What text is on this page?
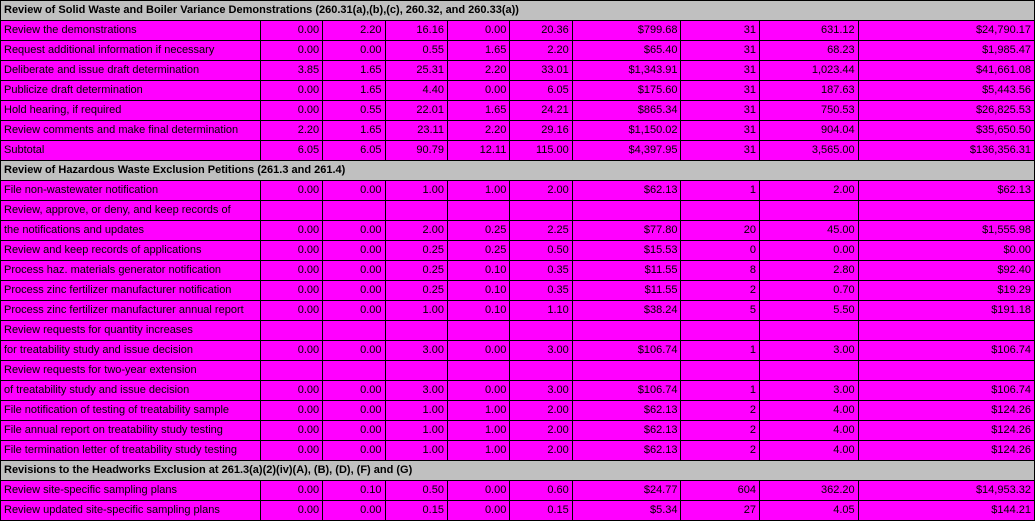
Review of Solid Waste and Boiler Variance Demonstrations (260.31(a),(b),(c), 260.32, and 260.33(a))									
Review the demonstrations	0.00	2.20	16.16	0.00	20.36	$799.68	31	631.12	$24,790.17
Request additional information if necessary	0.00	0.00	0.55	1.65	2.20	$65.40	31	68.23	$1,985.47
Deliberate and issue draft determination	3.85	1.65	25.31	2.20	33.01	$1,343.91	31	1,023.44	$41,661.08
Publicize draft determination	0.00	1.65	4.40	0.00	6.05	$175.60	31	187.63	$5,443.56
Hold hearing, if required	0.00	0.55	22.01	1.65	24.21	$865.34	31	750.53	$26,825.53
Review comments and make final determination	2.20	1.65	23.11	2.20	29.16	$1,150.02	31	904.04	$35,650.50
Subtotal	6.05	6.05	90.79	12.11	115.00	$4,397.95	31	3,565.00	$136,356.31
Review of Hazardous Waste Exclusion Petitions (261.3 and 261.4)									
File non-wastewater notification	0.00	0.00	1.00	1.00	2.00	$62.13	1	2.00	$62.13
Review, approve, or deny, and keep records of									
the notifications and updates	0.00	0.00	2.00	0.25	2.25	$77.80	20	45.00	$1,555.98
Review and keep records of applications	0.00	0.00	0.25	0.25	0.50	$15.53	0	0.00	$0.00
Process haz. materials generator notification	0.00	0.00	0.25	0.10	0.35	$11.55	8	2.80	$92.40
Process zinc fertilizer manufacturer notification	0.00	0.00	0.25	0.10	0.35	$11.55	2	0.70	$19.29
Process zinc fertilizer manufacturer annual report	0.00	0.00	1.00	0.10	1.10	$38.24	5	5.50	$191.18
Review requests for quantity increases									
for treatability study and issue decision	0.00	0.00	3.00	0.00	3.00	$106.74	1	3.00	$106.74
Review requests for two-year extension									
of treatability study and issue decision	0.00	0.00	3.00	0.00	3.00	$106.74	1	3.00	$106.74
File notification of testing of treatability sample	0.00	0.00	1.00	1.00	2.00	$62.13	2	4.00	$124.26
File annual report on treatability study testing	0.00	0.00	1.00	1.00	2.00	$62.13	2	4.00	$124.26
File termination letter of treatability study testing	0.00	0.00	1.00	1.00	2.00	$62.13	2	4.00	$124.26
Revisions to the Headworks Exclusion at 261.3(a)(2)(iv)(A), (B), (D), (F) and (G)									
Review site-specific sampling plans	0.00	0.10	0.50	0.00	0.60	$24.77	604	362.20	$14,953.32
Review updated site-specific sampling plans	0.00	0.00	0.15	0.00	0.15	$5.34	27	4.05	$144.21
